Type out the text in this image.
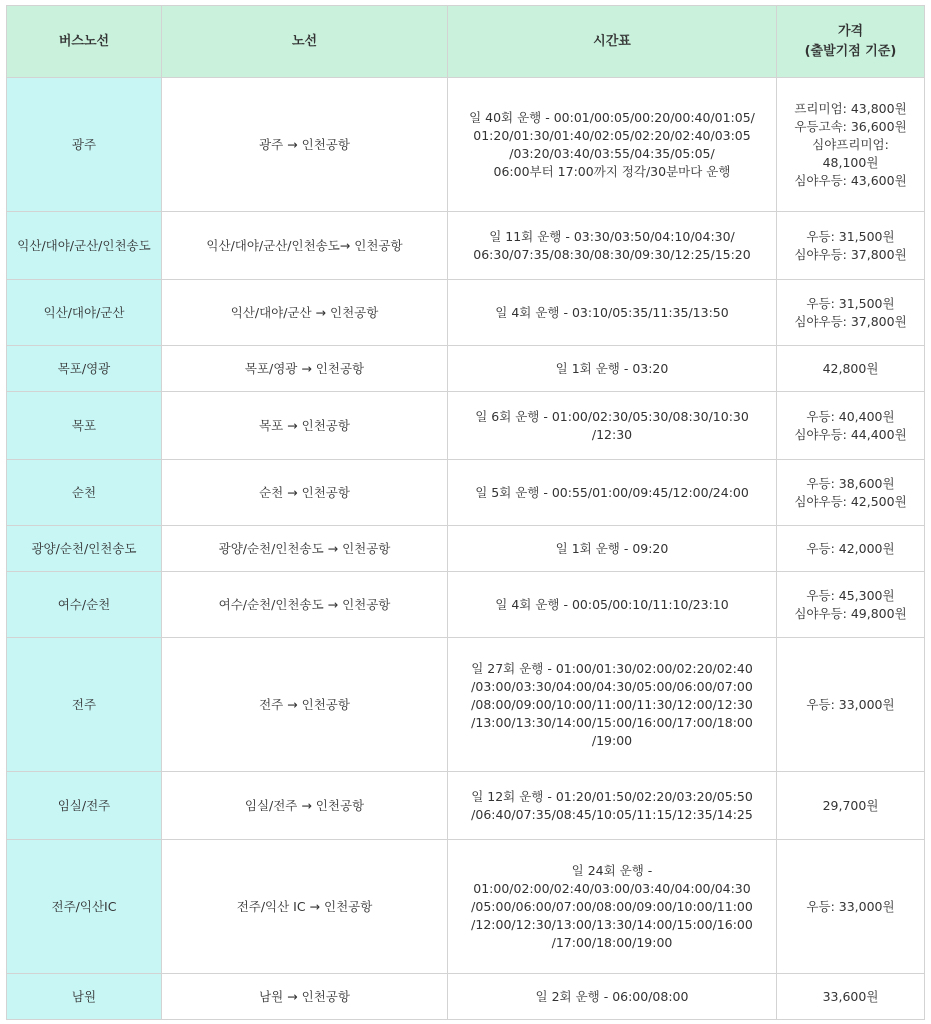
버스노선	노선	시간표	가격
(출발기점 기준)

광주	광주 → 인천공항	일 40회 운행 - 00:01/00:05/00:20/00:40/01:05/
01:20/01:30/01:40/02:05/02:20/02:40/03:05
/03:20/03:40/03:55/04:35/05:05/
06:00부터 17:00까지 정각/30분마다 운행	프리미엄: 43,800원
우등고속: 36,600원
심야프리미엄:
48,100원
심야우등: 43,600원

익산/대야/군산/인천송도	익산/대야/군산/인천송도→ 인천공항	일 11회 운행 - 03:30/03:50/04:10/04:30/
06:30/07:35/08:30/08:30/09:30/12:25/15:20	우등: 31,500원
심야우등: 37,800원

익산/대야/군산	익산/대야/군산 → 인천공항	일 4회 운행 - 03:10/05:35/11:35/13:50	우등: 31,500원
심야우등: 37,800원

목포/영광	목포/영광 → 인천공항	일 1회 운행 - 03:20	42,800원

목포	목포 → 인천공항	일 6회 운행 - 01:00/02:30/05:30/08:30/10:30
/12:30	우등: 40,400원
심야우등: 44,400원

순천	순천 → 인천공항	일 5회 운행 - 00:55/01:00/09:45/12:00/24:00	우등: 38,600원
심야우등: 42,500원

광양/순천/인천송도	광양/순천/인천송도 → 인천공항	일 1회 운행 - 09:20	우등: 42,000원

여수/순천	여수/순천/인천송도 → 인천공항	일 4회 운행 - 00:05/00:10/11:10/23:10	우등: 45,300원
심야우등: 49,800원

전주	전주 → 인천공항	일 27회 운행 - 01:00/01:30/02:00/02:20/02:40
/03:00/03:30/04:00/04:30/05:00/06:00/07:00
/08:00/09:00/10:00/11:00/11:30/12:00/12:30
/13:00/13:30/14:00/15:00/16:00/17:00/18:00
/19:00	우등: 33,000원

임실/전주	임실/전주 → 인천공항	일 12회 운행 - 01:20/01:50/02:20/03:20/05:50
/06:40/07:35/08:45/10:05/11:15/12:35/14:25	29,700원

전주/익산IC	전주/익산 IC → 인천공항	일 24회 운행 -
01:00/02:00/02:40/03:00/03:40/04:00/04:30
/05:00/06:00/07:00/08:00/09:00/10:00/11:00
/12:00/12:30/13:00/13:30/14:00/15:00/16:00
/17:00/18:00/19:00	우등: 33,000원

남원	남원 → 인천공항	일 2회 운행 - 06:00/08:00	33,600원
